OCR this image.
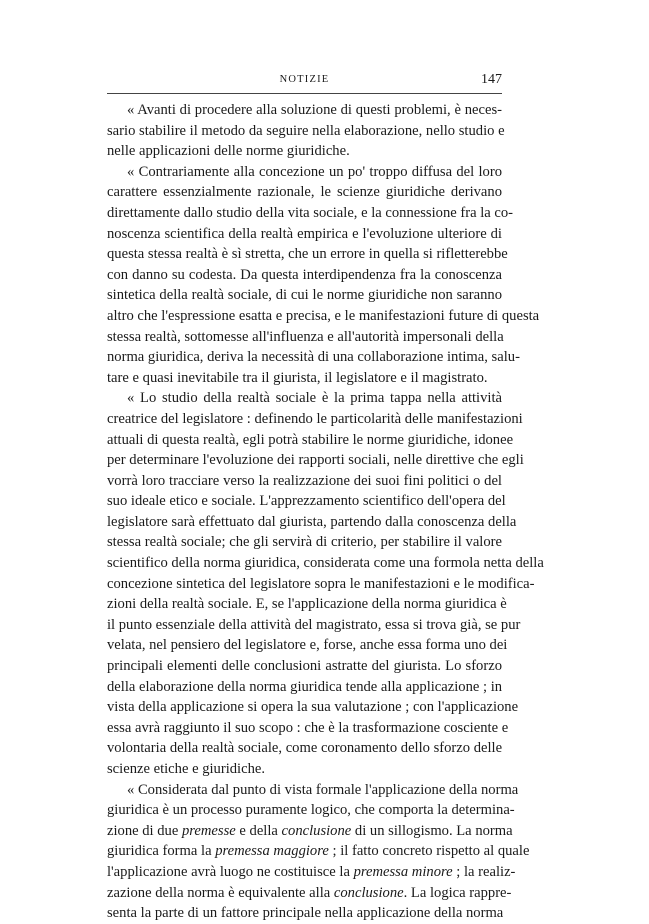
NOTIZIE	147
« Avanti di procedere alla soluzione di questi problemi, è neces-
sario stabilire il metodo da seguire nella elaborazione, nello studio e
nelle applicazioni delle norme giuridiche.
« Contrariamente alla concezione un po' troppo diffusa del loro
carattere essenzialmente razionale, le scienze giuridiche derivano
direttamente dallo studio della vita sociale, e la connessione fra la co-
noscenza scientifica della realtà empirica e l'evoluzione ulteriore di
questa stessa realtà è sì stretta, che un errore in quella si rifletterebbe
con danno su codesta. Da questa interdipendenza fra la conoscenza
sintetica della realtà sociale, di cui le norme giuridiche non saranno
altro che l'espressione esatta e precisa, e le manifestazioni future di questa
stessa realtà, sottomesse all'influenza e all'autorità impersonali della
norma giuridica, deriva la necessità di una collaborazione intima, salu-
tare e quasi inevitabile tra il giurista, il legislatore e il magistrato.
« Lo studio della realtà sociale è la prima tappa nella attività
creatrice del legislatore : definendo le particolarità delle manifestazioni
attuali di questa realtà, egli potrà stabilire le norme giuridiche, idonee
per determinare l'evoluzione dei rapporti sociali, nelle direttive che egli
vorrà loro tracciare verso la realizzazione dei suoi fini politici o del
suo ideale etico e sociale. L'apprezzamento scientifico dell'opera del
legislatore sarà effettuato dal giurista, partendo dalla conoscenza della
stessa realtà sociale; che gli servirà di criterio, per stabilire il valore
scientifico della norma giuridica, considerata come una formola netta della
concezione sintetica del legislatore sopra le manifestazioni e le modifica-
zioni della realtà sociale. E, se l'applicazione della norma giuridica è
il punto essenziale della attività del magistrato, essa si trova già, se pur
velata, nel pensiero del legislatore e, forse, anche essa forma uno dei
principali elementi delle conclusioni astratte del giurista. Lo sforzo
della elaborazione della norma giuridica tende alla applicazione ; in
vista della applicazione si opera la sua valutazione ; con l'applicazione
essa avrà raggiunto il suo scopo : che è la trasformazione cosciente e
volontaria della realtà sociale, come coronamento dello sforzo delle
scienze etiche e giuridiche.
« Considerata dal punto di vista formale l'applicazione della norma
giuridica è un processo puramente logico, che comporta la determina-
zione di due premesse e della conclusione di un sillogismo. La norma
giuridica forma la premessa maggiore ; il fatto concreto rispetto al quale
l'applicazione avrà luogo ne costituisce la premessa minore ; la realiz-
zazione della norma è equivalente alla conclusione. La logica rappre-
senta la parte di un fattore principale nella applicazione della norma
